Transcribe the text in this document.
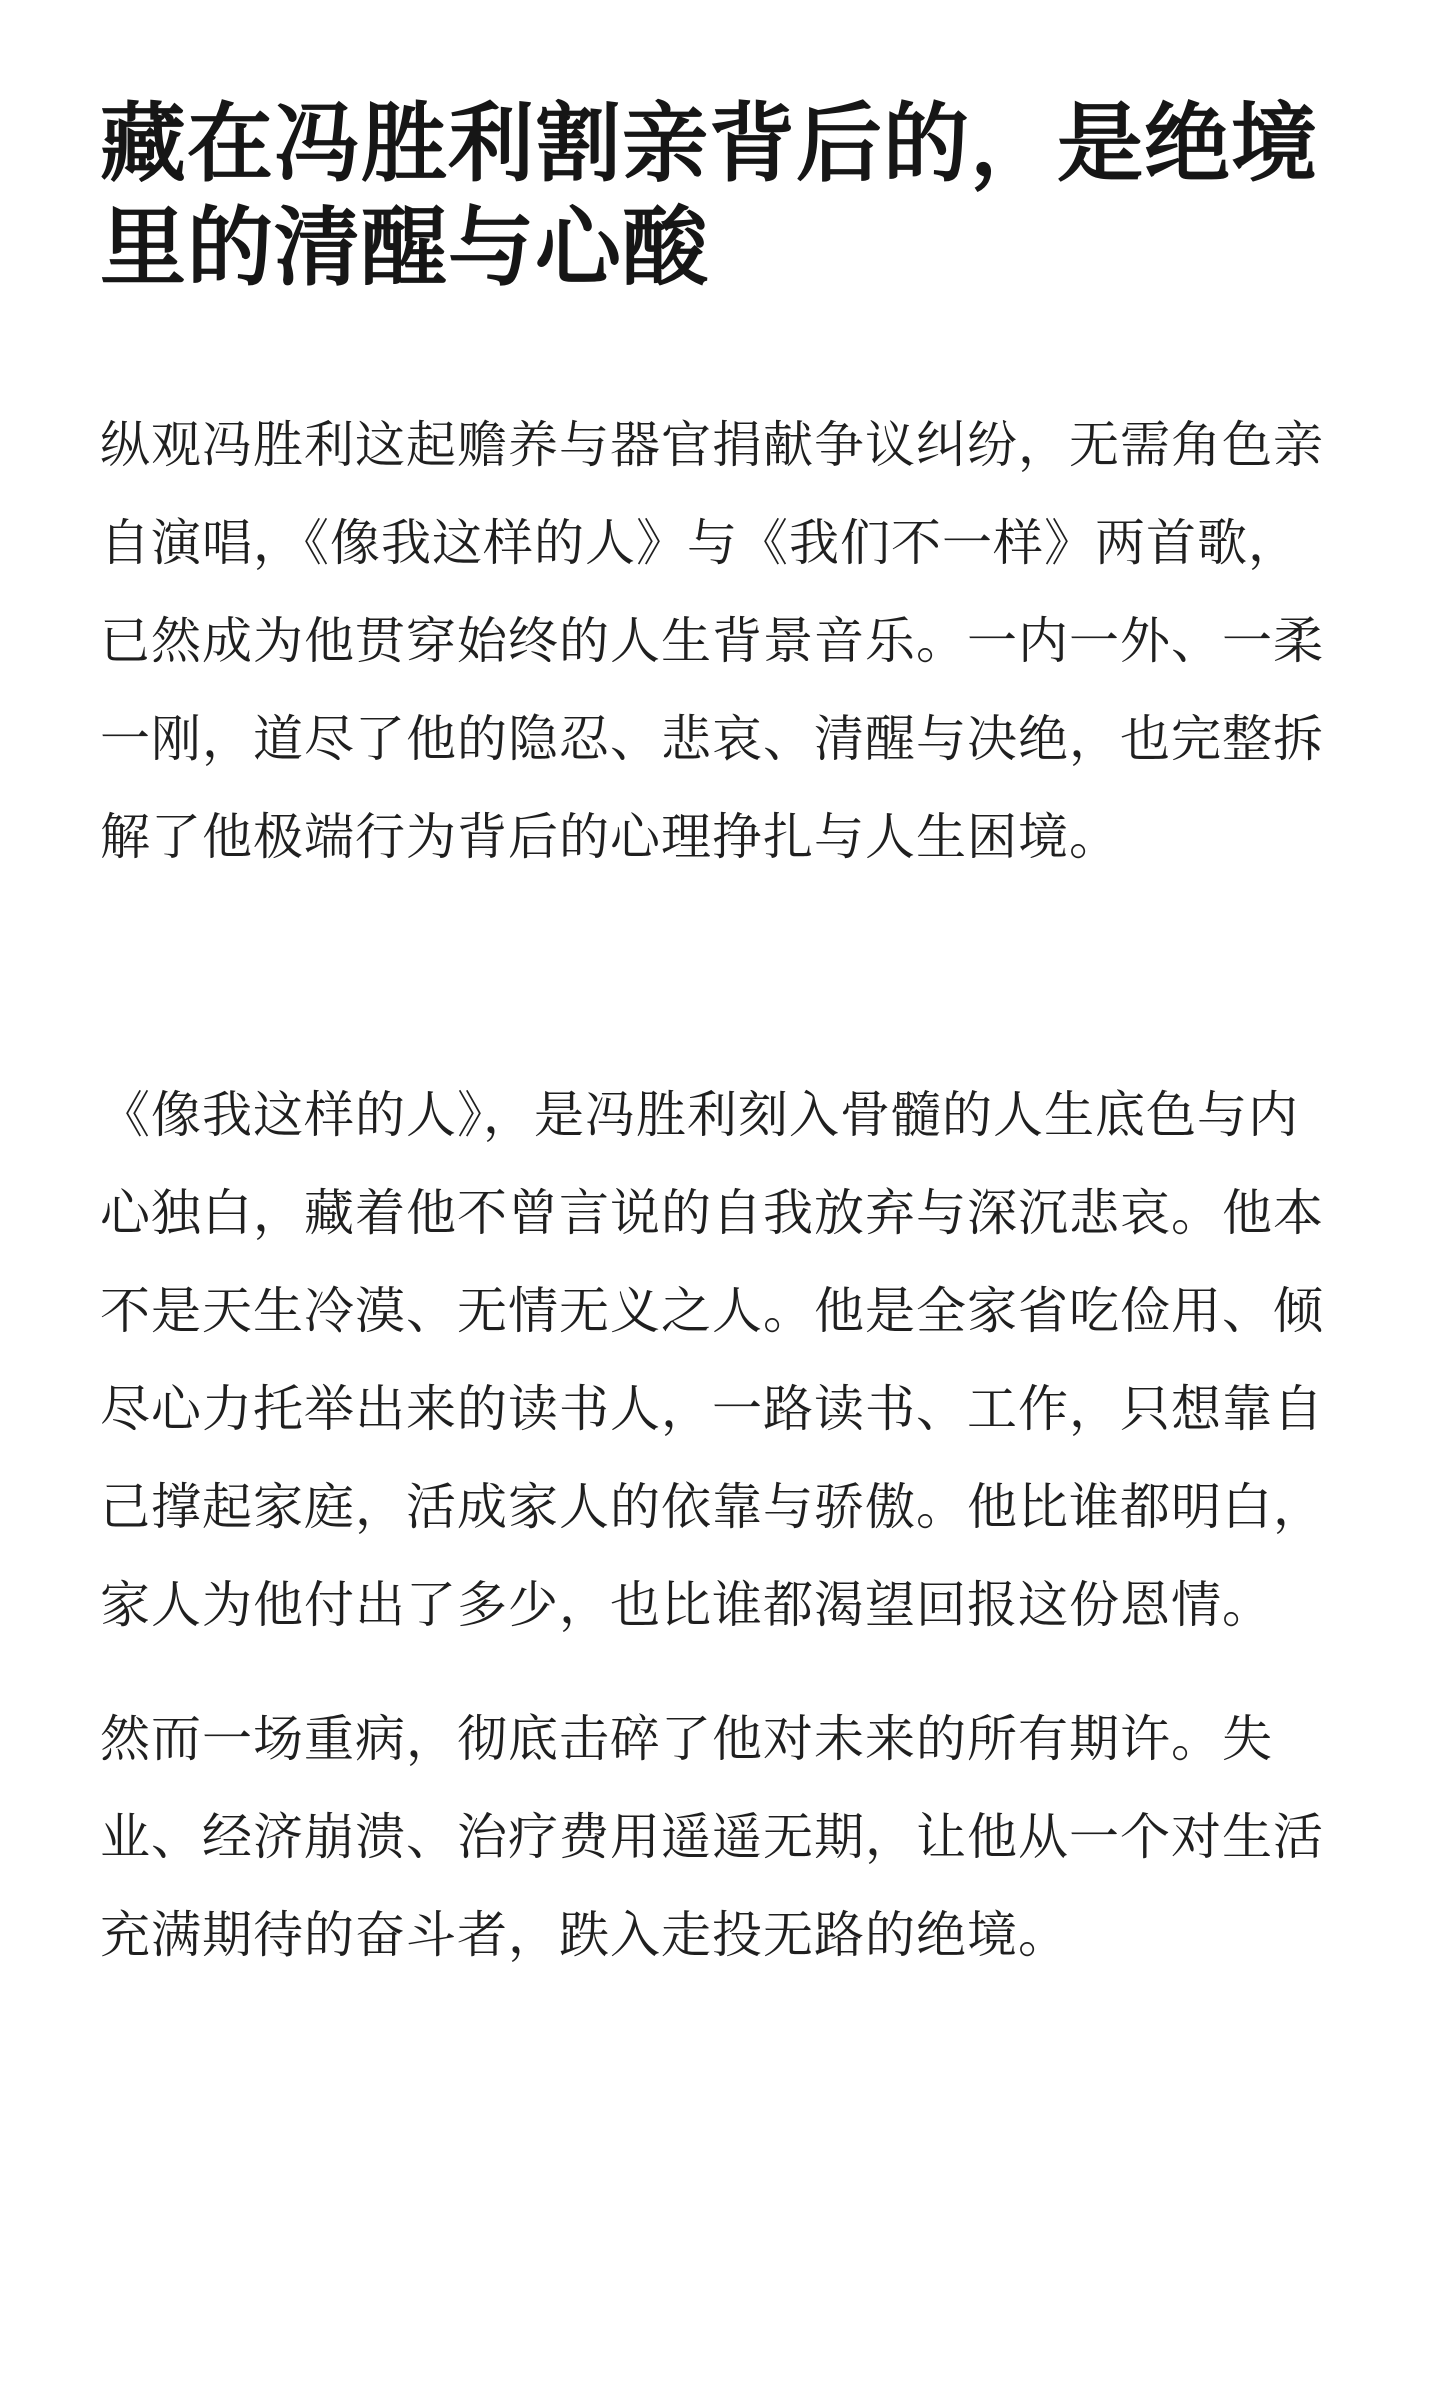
藏在冯胜利割亲背后的，是绝境里的清醒与心酸

纵观冯胜利这起赡养与器官捐献争议纠纷，无需角色亲自演唱，《像我这样的人》与《我们不一样》两首歌，已然成为他贯穿始终的人生背景音乐。一内一外、一柔一刚，道尽了他的隐忍、悲哀、清醒与决绝，也完整拆解了他极端行为背后的心理挣扎与人生困境。

《像我这样的人》，是冯胜利刻入骨髓的人生底色与内心独白，藏着他不曾言说的自我放弃与深沉悲哀。他本不是天生冷漠、无情无义之人。他是全家省吃俭用、倾尽心力托举出来的读书人，一路读书、工作，只想靠自己撑起家庭，活成家人的依靠与骄傲。他比谁都明白，家人为他付出了多少，也比谁都渴望回报这份恩情。

然而一场重病，彻底击碎了他对未来的所有期许。失业、经济崩溃、治疗费用遥遥无期，让他从一个对生活充满期待的奋斗者，跌入走投无路的绝境。
